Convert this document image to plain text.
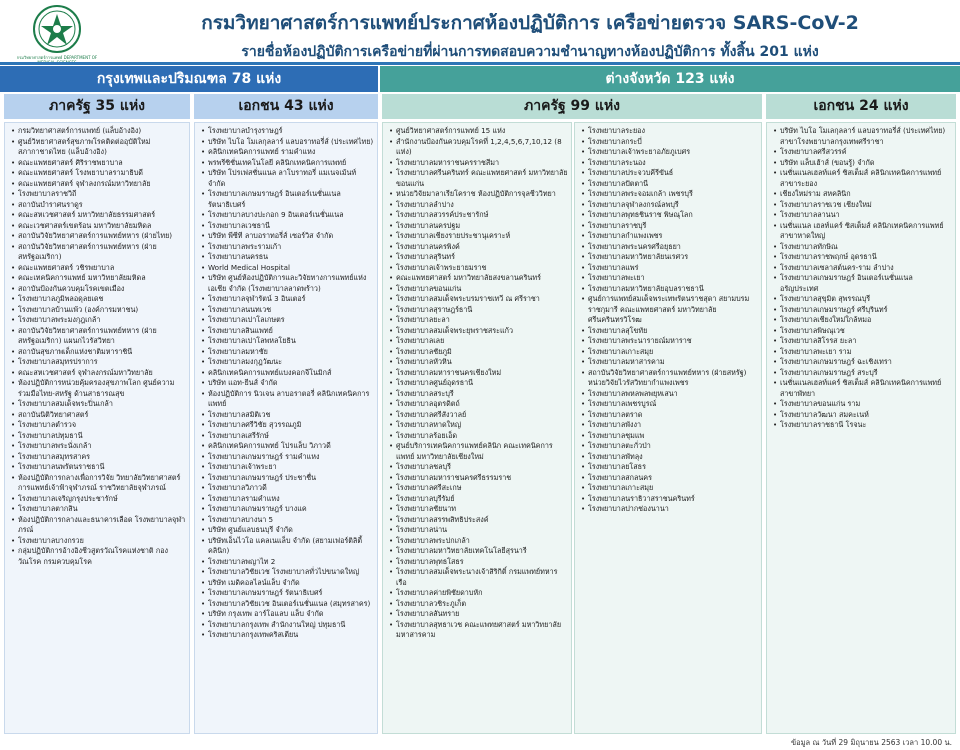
กรมวิทยาศาสตร์การแพทย์ DEPARTMENT OF
กรมวิทยาศาสตร์การแพทย์ประกาศห้องปฏิบัติการ เครือข่ายตรวจ SARS-CoV-2
รายชื่อห้องปฏิบัติการเครือข่ายที่ผ่านการทดสอบความชำนาญทางห้องปฏิบัติการ ทั้งสิ้น 201 แห่ง
กรุงเทพและปริมณฑล 78 แห่ง	ต่างจังหวัด 123 แห่ง
ภาครัฐ 35 แห่ง	เอกชน 43 แห่ง	ภาครัฐ 99 แห่ง	เอกชน 24 แห่ง
• กรมวิทยาศาสตร์การแพทย์ (แล็บอ้างอิง)
• ศูนย์วิทยาศาสตร์สุขภาพโรคติดต่ออุบัติใหม่ สภากาชาดไทย (แล็บอ้างอิง)
• คณะแพทยศาสตร์ ศิริราชพยาบาล
• คณะแพทยศาสตร์ โรงพยาบาลรามาธิบดี
• คณะแพทยศาสตร์ จุฬาลงกรณ์มหาวิทยาลัย
• โรงพยาบาลราชวิถี
• สถาบันบำราศนราดูร
• คณะสหเวชศาสตร์ มหาวิทยาลัยธรรมศาสตร์
• คณะเวชศาสตร์เขตร้อน มหาวิทยาลัยมหิดล
• สถาบันวิจัยวิทยาศาสตร์การแพทย์ทหาร (ฝ่ายไทย)
• สถาบันวิจัยวิทยาศาสตร์การแพทย์ทหาร (ฝ่ายสหรัฐอเมริกา)
• คณะแพทยศาสตร์ วชิรพยาบาล
• คณะเทคนิคการแพทย์ มหาวิทยาลัยมหิดล
• สถาบันป้องกันควบคุมโรคเขตเมือง
• โรงพยาบาลภูมิพลอดุลยเดช
• โรงพยาบาลบ้านแพ้ว (องค์การมหาชน)
• โรงพยาบาลพระมงกุฎเกล้า
• สถาบันวิจัยวิทยาศาสตร์การแพทย์ทหาร (ฝ่ายสหรัฐอเมริกา) แผนกไวรัสวิทยา
• สถาบันสุขภาพเด็กแห่งชาติมหาราชินี
• โรงพยาบาลสมุทรปราการ
• คณะสหเวชศาสตร์ จุฬาลงกรณ์มหาวิทยาลัย
• ห้องปฏิบัติการหน่วยคุ้มครองสุขภาพโลก ศูนย์ความร่วมมือไทย-สหรัฐ ด้านสาธารณสุข
• โรงพยาบาลสมเด็จพระปิ่นเกล้า
• สถาบันนิติวิทยาศาสตร์
• โรงพยาบาลตำรวจ
• โรงพยาบาลปทุมธานี
• โรงพยาบาลพระนั่งเกล้า
• โรงพยาบาลสมุทรสาคร
• โรงพยาบาลนพรัตนราชธานี
• ห้องปฏิบัติการกลางเพื่อการวิจัย วิทยาลัยวิทยาศาสตร์การแพทย์เจ้าฟ้าจุฬาภรณ์ ราชวิทยาลัยจุฬาภรณ์
• โรงพยาบาลเจริญกรุงประชารักษ์
• โรงพยาบาลตากสิน
• ห้องปฏิบัติการกลางและธนาคารเลือด โรงพยาบาลจุฬาภรณ์
• โรงพยาบาลบางกรวย
• กลุ่มปฏิบัติการอ้างอิงชีวสูตรวัณโรคแห่งชาติ กองวัณโรค กรมควบคุมโรค
• โรงพยาบาลบำรุงราษฎร์
• บริษัท ไบโอ โมเลกุลลาร์ แลบอราทอรี่ส์ (ประเทศไทย)
• คลินิกเทคนิคการแพทย์ รามคำแหง
• พรพรีซิชั่นเทคโนโลยี คลินิกเทคนิคการแพทย์
• บริษัท โปรเฟสชั่นแนล ลาโบราทอรี่ แมเนจเม้นท์ จำกัด
• โรงพยาบาลเกษมราษฎร์ อินเตอร์เนชั่นแนล รัตนาธิเบศร์
• โรงพยาบาลบางปะกอก 9 อินเตอร์เนชั่นแนล
• โรงพยาบาลเวชธานี
• บริษัท พีซีที ลาบอราทอรี่ส์ เซอร์วิส จำกัด
• โรงพยาบาลพระรามเก้า
• โรงพยาบาลนครธน
• World Medical Hospital
• บริษัท ศูนย์ห้องปฏิบัติการและวิจัยทางการแพทย์แห่งเอเชีย จำกัด (โรงพยาบาลลาดพร้าว)
• โรงพยาบาลจุฬารัตน์ 3 อินเตอร์
• โรงพยาบาลนนทเวช
• โรงพยาบาลเปาโลเกษตร
• โรงพยาบาลสินแพทย์
• โรงพยาบาลเปาโลพหลโยธิน
• โรงพยาบาลมหาชัย
• โรงพยาบาลมงกุฎวัฒนะ
• คลินิกเทคนิคการแพทย์แบงคอกจีโนมิกส์
• บริษัท แอท-ยีนส์ จำกัด
• ห้องปฏิบัติการ นิวเจน ลาบอราตอรี่ คลินิกเทคนิคการแพทย์
• โรงพยาบาลสมิติเวช
• โรงพยาบาลศรีวิชัย สุวรรณภูมิ
• โรงพยาบาลเสรีรักษ์
• คลินิกเทคนิคการแพทย์ โปรแล็บ วิภาวดี
• โรงพยาบาลเกษมราษฎร์ รามคำแหง
• โรงพยาบาลเจ้าพระยา
• โรงพยาบาลเกษมราษฎร์ ประชาชื่น
• โรงพยาบาลวิภาวดี
• โรงพยาบาลรามคำแหง
• โรงพยาบาลเกษมราษฎร์ บางแค
• โรงพยาบาลบางนา 5
• บริษัท ศูนย์แลบธนบุรี จำกัด
• บริษัทเอ็นไวโอ แคลเนแล็บ จำกัด (สยามเฟอร์ติลิตี้ คลินิก)
• โรงพยาบาลพญาไท 2
• โรงพยาบาลวิชัยเวช โรงพยาบาลทั่วไปขนาดใหญ่
• บริษัท เมดิคอลไลน์แล็บ จำกัด
• โรงพยาบาลเกษมราษฎร์ รัตนาธิเบศร์
• โรงพยาบาลวิชัยเวช อินเตอร์เนชั่นแนล (สมุทรสาคร)
• บริษัท กรุงเทพ อาร์โอแลบ แล็บ จำกัด
• โรงพยาบาลกรุงเทพ สำนักงานใหญ่ ปทุมธานี
• โรงพยาบาลกรุงเทพคริสเตียน
• ศูนย์วิทยาศาสตร์การแพทย์ 15 แห่ง
• สำนักงานป้องกันควบคุมโรคที่ 1,2,4,5,6,7,10,12 (8 แห่ง)
• โรงพยาบาลมหาราชนครราชสีมา
• โรงพยาบาลศรีนครินทร์ คณะแพทยศาสตร์ มหาวิทยาลัยขอนแก่น
• หน่วยวิจัยมาลาเรียโคราช ห้องปฏิบัติการจุลชีววิทยา
• โรงพยาบาลลำปาง
• โรงพยาบาลสวรรค์ประชารักษ์
• โรงพยาบาลนครปฐม
• โรงพยาบาลเชียงรายประชานุเคราะห์
• โรงพยาบาลนครพิงค์
• โรงพยาบาลสุรินทร์
• โรงพยาบาลเจ้าพระยายมราช
• คณะแพทยศาสตร์ มหาวิทยาลัยสงขลานครินทร์
• โรงพยาบาลขอนแก่น
• โรงพยาบาลสมเด็จพระบรมราชเทวี ณ ศรีราชา
• โรงพยาบาลสุราษฎร์ธานี
• โรงพยาบาลยะลา
• โรงพยาบาลสมเด็จพระยุพราชสระแก้ว
• โรงพยาบาลเลย
• โรงพยาบาลชัยภูมิ
• โรงพยาบาลหัวหิน
• โรงพยาบาลมหาราชนครเชียงใหม่
• โรงพยาบาลศูนย์อุดรธานี
• โรงพยาบาลสระบุรี
• โรงพยาบาลอุตรดิตถ์
• โรงพยาบาลศรีสังวาลย์
• โรงพยาบาลหาดใหญ่
• โรงพยาบาลร้อยเอ็ด
• ศูนย์บริการเทคนิคการแพทย์คลินิก คณะเทคนิคการแพทย์ มหาวิทยาลัยเชียงใหม่
• โรงพยาบาลชลบุรี
• โรงพยาบาลมหาราชนครศรีธรรมราช
• โรงพยาบาลศรีสะเกษ
• โรงพยาบาลบุรีรัมย์
• โรงพยาบาลชัยนาท
• โรงพยาบาลสรรพสิทธิประสงค์
• โรงพยาบาลน่าน
• โรงพยาบาลพระปกเกล้า
• โรงพยาบาลมหาวิทยาลัยเทคโนโลยีสุรนารี
• โรงพยาบาลพุทธโสธร
• โรงพยาบาลสมเด็จพระนางเจ้าสิริกิติ์ กรมแพทย์ทหารเรือ
• โรงพยาบาลค่ายพิชัยดาบหัก
• โรงพยาบาลวชิระภูเก็ต
• โรงพยาบาลสันทราย
• โรงพยาบาลสุทธาเวช คณะแพทยศาสตร์ มหาวิทยาลัยมหาสารคาม
• โรงพยาบาลระยอง
• โรงพยาบาลกระบี่
• โรงพยาบาลเจ้าพระยาอภัยภูเบศร
• โรงพยาบาลระนอง
• โรงพยาบาลประจวบคีรีขันธ์
• โรงพยาบาลปัตตานี
• โรงพยาบาลพระจอมเกล้า เพชรบุรี
• โรงพยาบาลจุฬาลงกรณ์ลพบุรี
• โรงพยาบาลพุทธชินราช พิษณุโลก
• โรงพยาบาลราชบุรี
• โรงพยาบาลกำแพงเพชร
• โรงพยาบาลพระนครศรีอยุธยา
• โรงพยาบาลมหาวิทยาลัยนเรศวร
• โรงพยาบาลแพร่
• โรงพยาบาลพะเยา
• โรงพยาบาลมหาวิทยาลัยอุบลราชธานี
• ศูนย์การแพทย์สมเด็จพระเทพรัตนราชสุดา สยามบรมราชกุมารี คณะแพทยศาสตร์ มหาวิทยาลัยศรีนครินทรวิโรฒ
• โรงพยาบาลสุโขทัย
• โรงพยาบาลพระนารายณ์มหาราช
• โรงพยาบาลเกาะสมุย
• โรงพยาบาลมหาสารคาม
• สถาบันวิจัยวิทยาศาสตร์การแพทย์ทหาร (ฝ่ายสหรัฐ) หน่วยวิจัยไวรัสวิทยากำแพงเพชร
• โรงพยาบาลพหลพลพยุหเสนา
• โรงพยาบาลเพชรบูรณ์
• โรงพยาบาลตราด
• โรงพยาบาลพังงา
• โรงพยาบาลชุมแพ
• โรงพยาบาลตะกั่วป่า
• โรงพยาบาลพัทลุง
• โรงพยาบาลยโสธร
• โรงพยาบาลสกลนคร
• โรงพยาบาลเกาะสมุย
• โรงพยาบาลนราธิวาสราชนครินทร์
• โรงพยาบาลปากช่องนานา
• บริษัท ไบโอ โมเลกุลลาร์ แลบอราทอรี่ส์ (ประเทศไทย) สาขาโรงพยาบาลกรุงเทพศรีราชา
• โรงพยาบาลศรีสวรรค์
• บริษัท แล็บเฮ้าส์ (ขอนรู้) จำกัด
• เนชั่นแนลเฮลท์แคร์ ซิสเต็มส์ คลินิกเทคนิคการแพทย์ สาขาระยอง
• เชียงใหม่ราม สหคลินิก
• โรงพยาบาลราชเวช เชียงใหม่
• โรงพยาบาลลานนา
• เนชั่นแนล เฮลท์แคร์ ซิสเต็มส์ คลินิกเทคนิคการแพทย์ สาขาหาดใหญ่
• โรงพยาบาลทักษิณ
• โรงพยาบาลราชพฤกษ์ อุดรธานี
• โรงพยาบาลเซลาสต์นคร-ราม ลำปาง
• โรงพยาบาลเกษมราษฎร์ อินเตอร์เนชั่นแนล อรัญประเทศ
• โรงพยาบาลสุขุมิต สุพรรณบุรี
• โรงพยาบาลเกษมราษฎร์ ศรีบุรินทร์
• โรงพยาบาลเชียงใหม่ใกล้หมอ
• โรงพยาบาลพิษณุเวช
• โรงพยาบาลสิโรรส ยะลา
• โรงพยาบาลพะเยา ราม
• โรงพยาบาลเกษมราษฎร์ ฉะเชิงเทรา
• โรงพยาบาลเกษมราษฎร์ สระบุรี
• เนชั่นแนลเฮลท์แคร์ ซิสเต็มส์ คลินิกเทคนิคการแพทย์ สาขาพัทยา
• โรงพยาบาลขอนแก่น ราม
• โรงพยาบาลวัฒนา สมคะเนห์
• โรงพยาบาลราชธานี โรจนะ
ข้อมูล ณ วันที่ 29 มิถุนายน 2563 เวลา 10.00 น.
